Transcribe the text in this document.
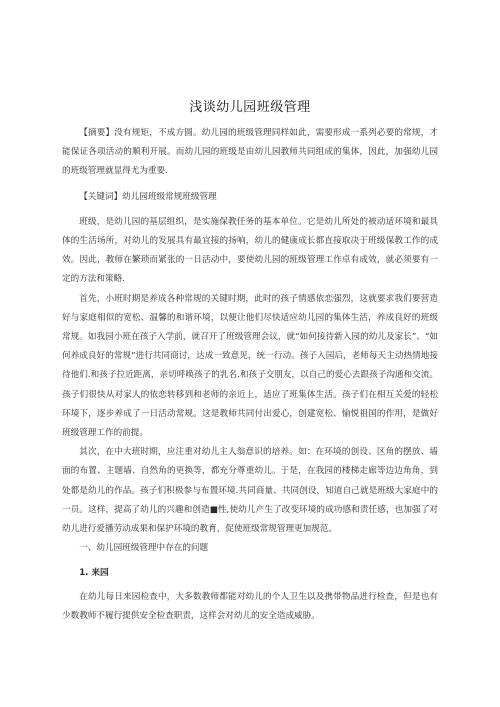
浅谈幼儿园班级管理

【摘要】没有规矩，不成方圆。幼儿园的班级管理同样如此，需要形成一系列必要的常规，才能保证各项活动的顺利开展。而幼儿园的班级是由幼儿园教师共同组成的集体，因此，加强幼儿园的班级管理就显得尤为重要.

【关键词】幼儿园班级常规班级管理

班级，是幼儿园的基层组织，是实施保教任务的基本单位。它是幼儿所处的被动适环境和最具体的生活场所，对幼儿的发展具有最宜接的扬响，幼儿的健康成长都直接取决于班级保教工作的成效。因此，教师在繁琐而紧张的一日活动中，要使幼儿园的班级管理工作卓有成效，就必须要有一定的方法和策略.

首先，小班时期是养成各种常规的关键时期，此时的孩子情感依恋强烈，这就要求我们要营造好与家庭相似的宽松、温馨的和谐环境，以便让他们尽快适应幼儿园的集体生活，养成良好的班级常规。如我园小班在孩子入学前，就召开了班级管理会议，就“如何接待新入园的幼儿及家长”、“如何养成良好的常规”进行共同商讨，达成一致意见，统一行动。孩子入园后，老师每天主动热情地接待他们.和孩子拉近距离，亲切呼唤孩子的乳名.和孩子交朋友，以自己的爱心去跟孩子沟通和交流。孩子们很快从对家人的依恋转移到和老师的亲近上，适应了班集体生活。孩子们在相互关爱的轻松环境下，逐步养成了一日活动常规。这是教师共同付出爱心，创建宽松、愉悦祖国的作用，是做好班级管理工作的前提。

其次，在中大班时期，应注重对幼儿主人翁意识的培养。如：在环境的创设、区角的摆放、墙面的布置、主题墙、自然角的更换等，都充分尊重幼儿。于是，在我园的楼梯走廊等边边角角，到处都是幼儿的作品。孩子们积极参与布置环境.共同商量、共同创设，知道自己就是班级大家庭中的一员。这样，提高了幼儿的兴趣和创造■性,使幼儿产生了改变环境的成功感和责任感，也加强了对幼儿进行爱播劳动成果和保护环境的教育，促使班级常规管理更加规范。

一、幼儿园班级管理中存在的问题

1. 来园

在幼儿每日来园检查中，大多数教师都能对幼儿的个人卫生以及携带物品进行检查，但是也有少数教师不履行提供安全检查职责，这样会对幼儿的安全造成威胁。
